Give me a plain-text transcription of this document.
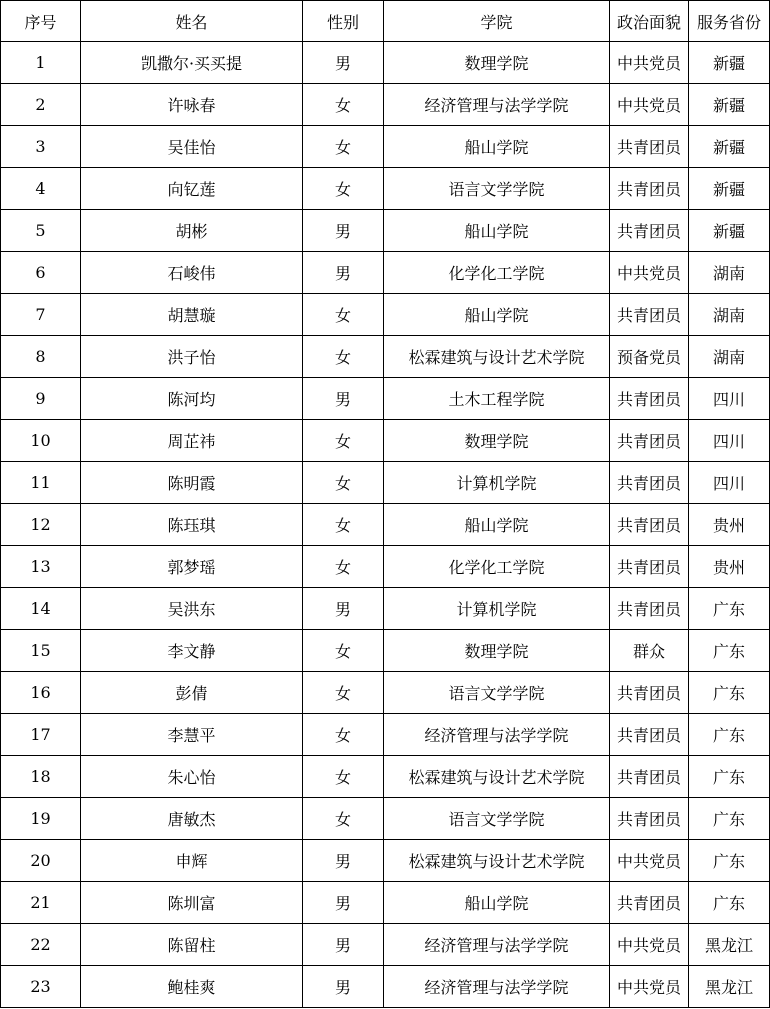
序号	姓名	性别	学院	政治面貌	服务省份
1	凯撒尔·买买提	男	数理学院	中共党员	新疆
2	许咏春	女	经济管理与法学学院	中共党员	新疆
3	吴佳怡	女	船山学院	共青团员	新疆
4	向钇莲	女	语言文学学院	共青团员	新疆
5	胡彬	男	船山学院	共青团员	新疆
6	石峻伟	男	化学化工学院	中共党员	湖南
7	胡慧璇	女	船山学院	共青团员	湖南
8	洪子怡	女	松霖建筑与设计艺术学院	预备党员	湖南
9	陈河均	男	土木工程学院	共青团员	四川
10	周芷祎	女	数理学院	共青团员	四川
11	陈明霞	女	计算机学院	共青团员	四川
12	陈珏琪	女	船山学院	共青团员	贵州
13	郭梦瑶	女	化学化工学院	共青团员	贵州
14	吴洪东	男	计算机学院	共青团员	广东
15	李文静	女	数理学院	群众	广东
16	彭倩	女	语言文学学院	共青团员	广东
17	李慧平	女	经济管理与法学学院	共青团员	广东
18	朱心怡	女	松霖建筑与设计艺术学院	共青团员	广东
19	唐敏杰	女	语言文学学院	共青团员	广东
20	申辉	男	松霖建筑与设计艺术学院	中共党员	广东
21	陈圳富	男	船山学院	共青团员	广东
22	陈留柱	男	经济管理与法学学院	中共党员	黑龙江
23	鲍桂爽	男	经济管理与法学学院	中共党员	黑龙江
